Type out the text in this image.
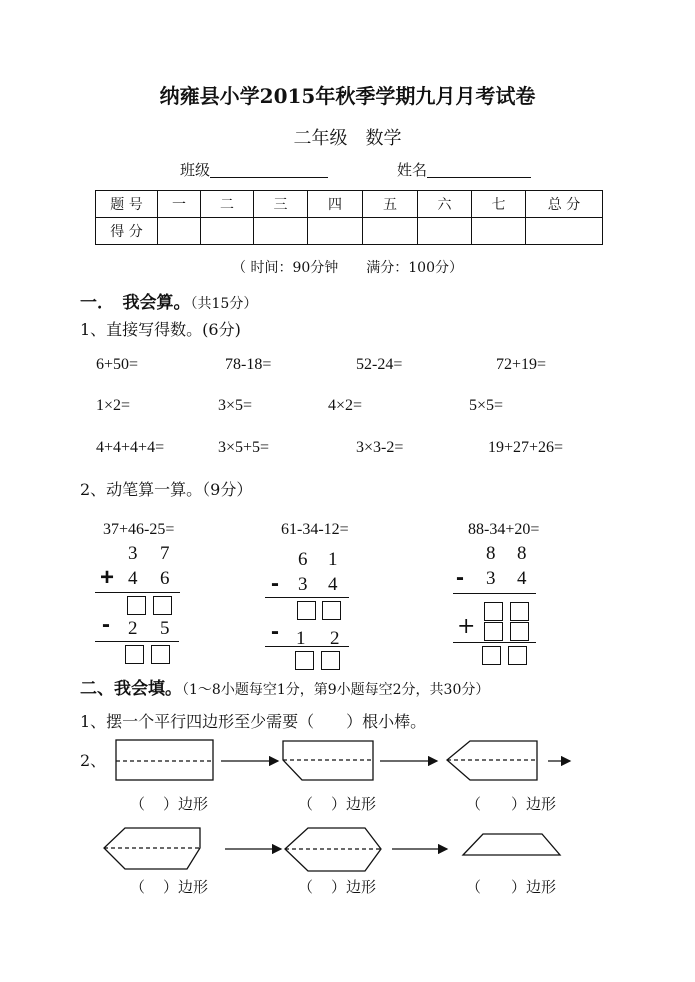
纳雍县小学2015年秋季学期九月月考试卷
二年级　数学
班级	姓名
题 号	一	二	三	四	五	六	七	总 分
得 分								
（ 时间：90分钟　　满分：100分）
一．　我会算。（共15分）
1、直接写得数。(6分)
6+50=	78-18=	52-24=	72+19=
1×2=	3×5=	4×2=	5×5=
4+4+4+4=	3×5+5=	3×3-2=	19+27+26=
2、动笔算一算。（9分）
37+46-25=
3 7
+ 4 6
- 2 5
61-34-12=
6 1
- 3 4
- 1 2
88-34+20=
8 8
- 3 4
+
二、我会填。（1～8小题每空1分，第9小题每空2分，共30分）
1、摆一个平行四边形至少需要（　　）根小棒。
2、
（ ）边形	（ ）边形	（ ）边形
（ ）边形	（ ）边形	（ ）边形
